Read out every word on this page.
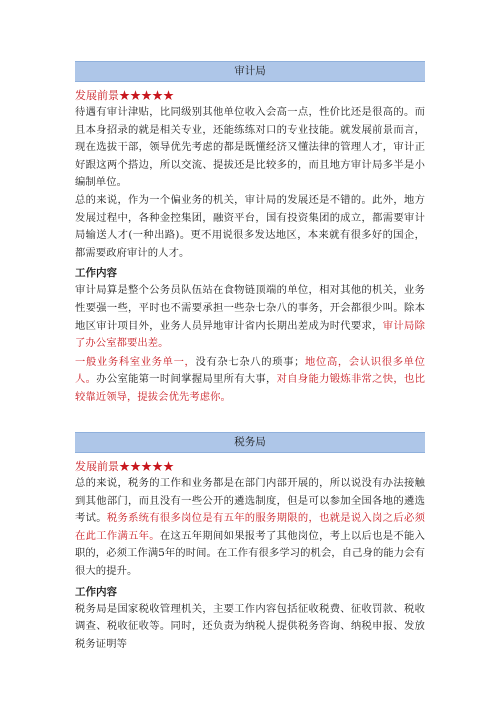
审计局
发展前景★★★★★

待遇有审计津贴，比同级别其他单位收入会高一点，性价比还是很高的。而且本身招录的就是相关专业，还能练练对口的专业技能。就发展前景而言，现在选拔干部，领导优先考虑的都是既懂经济又懂法律的管理人才，审计正好跟这两个搭边，所以交流、提拔还是比较多的，而且地方审计局多半是小编制单位。

总的来说，作为一个偏业务的机关，审计局的发展还是不错的。此外，地方发展过程中，各种金控集团，融资平台，国有投资集团的成立，都需要审计局输送人才(一种出路)。更不用说很多发达地区，本来就有很多好的国企，都需要政府审计的人才。

工作内容

审计局算是整个公务员队伍站在食物链顶端的单位，相对其他的机关，业务性要强一些，平时也不需要承担一些杂七杂八的事务，开会都很少叫。除本地区审计项目外，业务人员异地审计省内长期出差成为时代要求，审计局除了办公室都要出差。

一般业务科室业务单一，没有杂七杂八的琐事；地位高，会认识很多单位人。办公室能第一时间掌握局里所有大事，对自身能力锻炼非常之快，也比较靠近领导，提拔会优先考虑你。

税务局
发展前景★★★★★

总的来说，税务的工作和业务都是在部门内部开展的，所以说没有办法接触到其他部门，而且没有一些公开的遴选制度，但是可以参加全国各地的遴选考试。税务系统有很多岗位是有五年的服务期限的，也就是说入岗之后必须在此工作满五年。在这五年期间如果报考了其他岗位，考上以后也是不能入职的，必须工作满5年的时间。在工作有很多学习的机会，自己身的能力会有很大的提升。

工作内容

税务局是国家税收管理机关，主要工作内容包括征收税费、征收罚款、税收调查、税收征收等。同时，还负责为纳税人提供税务咨询、纳税申报、发放税务证明等
